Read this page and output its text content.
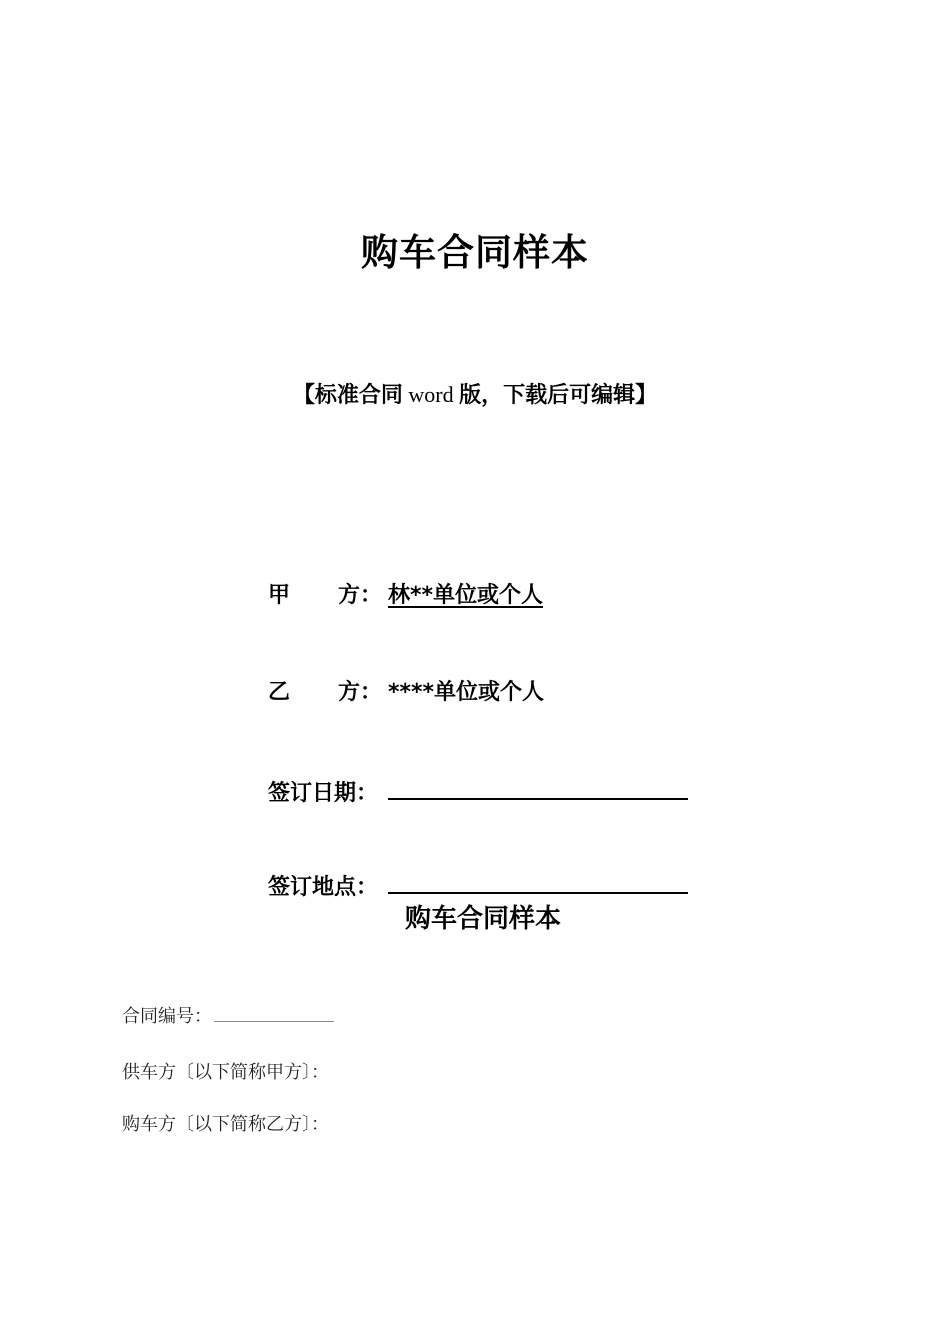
购车合同样本
【标准合同 word 版，下载后可编辑】
甲 方： 林**单位或个人
乙 方： ****单位或个人
签订日期：
签订地点：
购车合同样本
合同编号：
供车方〔以下简称甲方〕：
购车方〔以下简称乙方〕：
